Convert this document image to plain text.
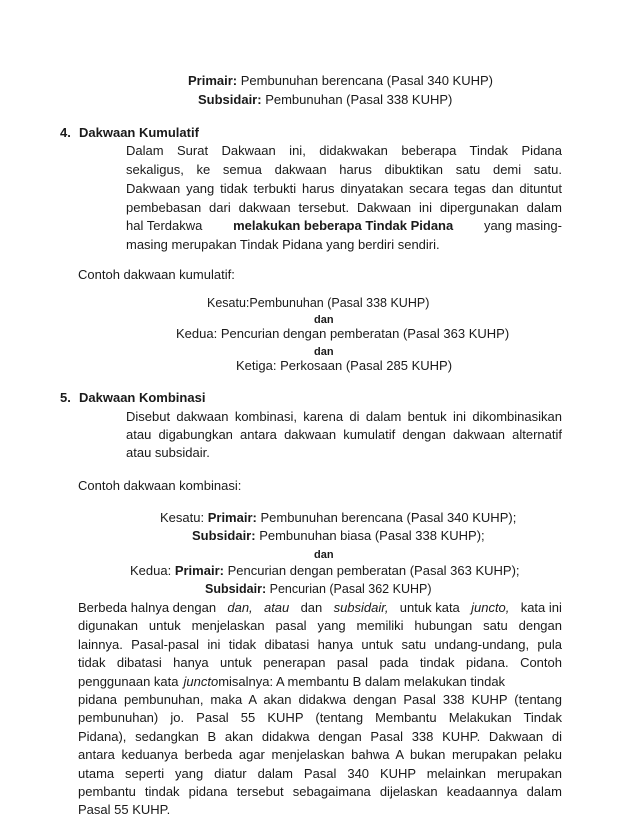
Primair: Pembunuhan berencana (Pasal 340 KUHP)
Subsidair: Pembunuhan (Pasal 338 KUHP)
4. Dakwaan Kumulatif
Dalam Surat Dakwaan ini, didakwakan beberapa Tindak Pidana
sekaligus, ke semua dakwaan harus dibuktikan satu demi satu.
Dakwaan yang tidak terbukti harus dinyatakan secara tegas dan dituntut
pembebasan dari dakwaan tersebut. Dakwaan ini dipergunakan dalam
hal Terdakwa melakukan beberapa Tindak Pidana yang masing-
masing merupakan Tindak Pidana yang berdiri sendiri.
Contoh dakwaan kumulatif:
Kesatu:Pembunuhan (Pasal 338 KUHP)
dan
Kedua: Pencurian dengan pemberatan (Pasal 363 KUHP)
dan
Ketiga: Perkosaan (Pasal 285 KUHP)
5. Dakwaan Kombinasi
Disebut dakwaan kombinasi, karena di dalam bentuk ini dikombinasikan
atau digabungkan antara dakwaan kumulatif dengan dakwaan alternatif
atau subsidair.
Contoh dakwaan kombinasi:
Kesatu: Primair: Pembunuhan berencana (Pasal 340 KUHP);
Subsidair: Pembunuhan biasa (Pasal 338 KUHP);
dan
Kedua: Primair: Pencurian dengan pemberatan (Pasal 363 KUHP);
Subsidair: Pencurian (Pasal 362 KUHP)
Berbeda halnya dengan dan, atau dan subsidair, untuk kata juncto, kata ini
digunakan untuk menjelaskan pasal yang memiliki hubungan satu dengan
lainnya. Pasal-pasal ini tidak dibatasi hanya untuk satu undang-undang, pula
tidak dibatasi hanya untuk penerapan pasal pada tindak pidana. Contoh
penggunaan kata junctomisalnya: A membantu B dalam melakukan tindak
pidana pembunuhan, maka A akan didakwa dengan Pasal 338 KUHP (tentang
pembunuhan) jo. Pasal 55 KUHP (tentang Membantu Melakukan Tindak
Pidana), sedangkan B akan didakwa dengan Pasal 338 KUHP. Dakwaan di
antara keduanya berbeda agar menjelaskan bahwa A bukan merupakan pelaku
utama seperti yang diatur dalam Pasal 340 KUHP melainkan merupakan
pembantu tindak pidana tersebut sebagaimana dijelaskan keadaannya dalam
Pasal 55 KUHP.
